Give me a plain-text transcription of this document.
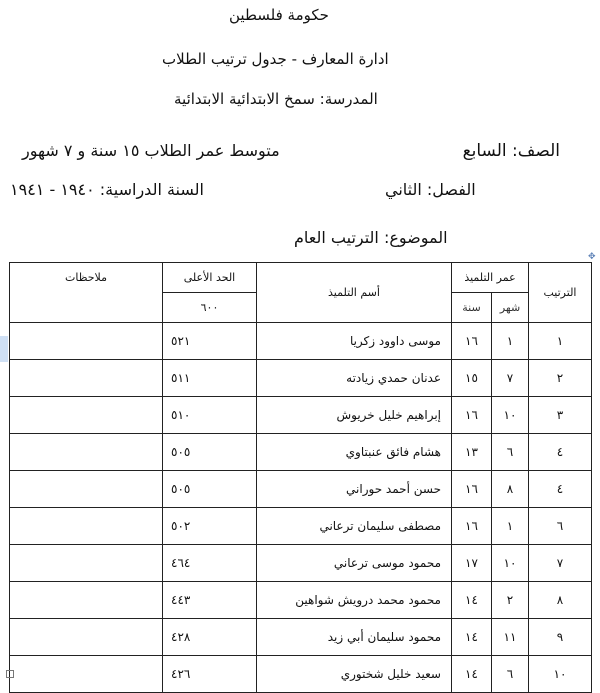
حكومة فلسطين
ادارة المعارف - جدول ترتيب الطلاب
المدرسة: سمخ الابتدائية الابتدائية
الصف: السابع
متوسط عمر الطلاب ١٥ سنة و ٧ شهور
الفصل: الثاني
السنة الدراسية: ١٩٤٠ - ١٩٤١
الموضوع: الترتيب العام
✥
الترتيب	عمر التلميذ		أسم التلميذ	الحد الأعلى	ملاحظات
	شهر	سنة		٦٠٠	
١	١	١٦	موسى داوود زكريا	٥٢١	
٢	٧	١٥	عدنان حمدي زيادته	٥١١	
٣	١٠	١٦	إبراهيم خليل خريوش	٥١٠	
٤	٦	١٣	هشام فائق عنبتاوي	٥٠٥	
٤	٨	١٦	حسن أحمد حوراني	٥٠٥	
٦	١	١٦	مصطفى سليمان ترعاني	٥٠٢	
٧	١٠	١٧	محمود موسى ترعاني	٤٦٤	
٨	٢	١٤	محمود محمد درويش شواهين	٤٤٣	
٩	١١	١٤	محمود سليمان أبي زيد	٤٢٨	
١٠	٦	١٤	سعيد خليل شختوري	٤٢٦	
